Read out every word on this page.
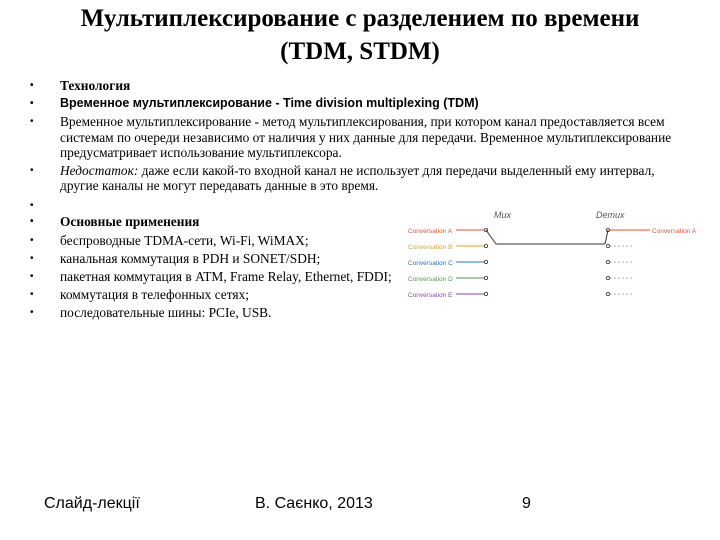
Мультиплексирование с разделением по времени
(TDM, STDM)
Mux	Demux
Conversation A
Conversation B
Conversation C
Conversation D
Conversation E
Conversation A
• Технология
• Временное мультиплексирование - Time division multiplexing (TDM)
• Временное мультиплексирование - метод мультиплексирования, при котором канал предоставляется всем системам по очереди независимо от наличия у них данные для передачи. Временное мультиплексирование предусматривает использование мультиплексора.
• Недостаток: даже если какой-то входной канал не использует для передачи выделенный ему интервал, другие каналы не могут передавать данные в это время.
•
• Основные применения
• беспроводные TDMA-сети, Wi-Fi, WiMAX;
• канальная коммутация в PDH и SONET/SDH;
• пакетная коммутация в ATM, Frame Relay, Ethernet, FDDI;
• коммутация в телефонных сетях;
• последовательные шины: PCIe, USB.
Слайд-лекції	В. Саєнко, 2013	9
